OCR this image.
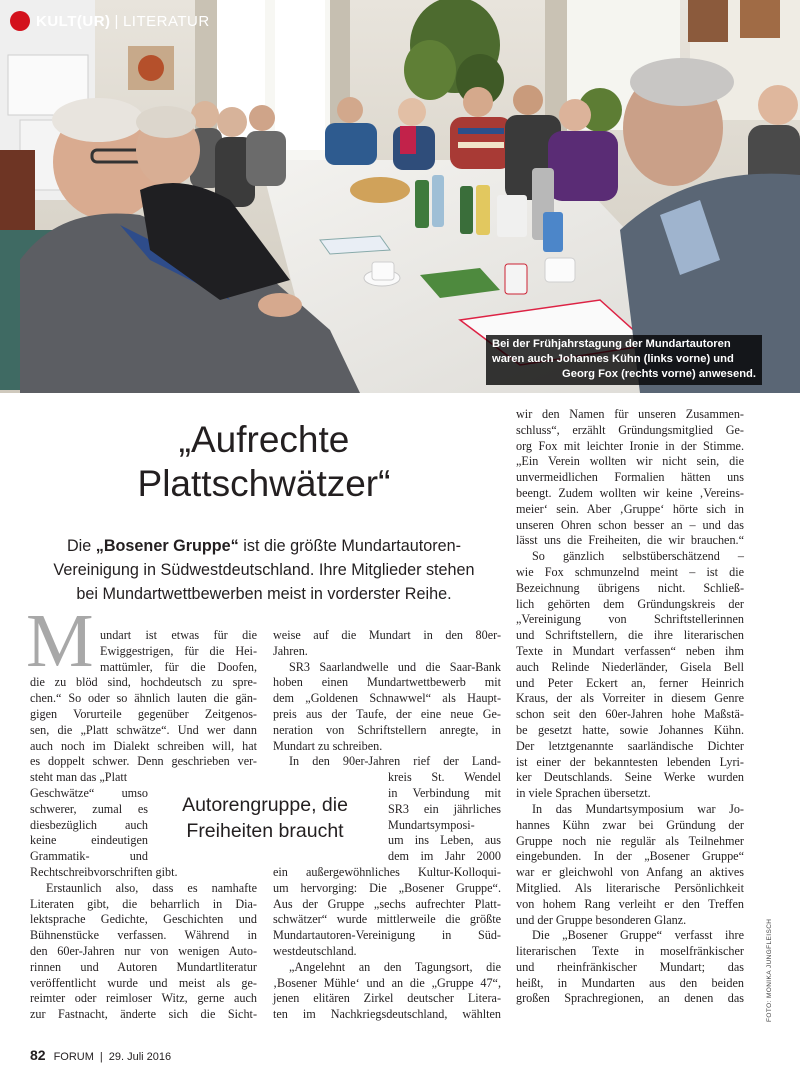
KULT(UR) | LITERATUR
Bei der Frühjahrstagung der Mundartautoren
waren auch Johannes Kühn (links vorne) und
Georg Fox (rechts vorne) anwesend.
„Aufrechte
Plattschwätzer“
Die „Bosener Gruppe“ ist die größte Mundartautoren-
Vereinigung in Südwestdeutschland. Ihre Mitglieder stehen
bei Mundartwettbewerben meist in vorderster Reihe.
M undart ist etwas für die
Ewiggestrigen, für die Hei-
mattümler, für die Doofen,
die zu blöd sind, hochdeutsch zu spre-
chen.“ So oder so ähnlich lauten die gän-
gigen Vorurteile gegenüber Zeitgenos-
sen, die „Platt schwätze“. Und wer dann
auch noch im Dialekt schreiben will, hat
es doppelt schwer. Denn geschrieben ver-
steht man das „Platt
Geschwätze“ umso
schwerer, zumal es
diesbezüglich auch
keine eindeutigen
Grammatik- und
Rechtschreibvorschriften gibt.
Erstaunlich also, dass es namhafte
Literaten gibt, die beharrlich in Dia-
lektsprache Gedichte, Geschichten und
Bühnenstücke verfassen. Während in
den 60er-Jahren nur von wenigen Auto-
rinnen und Autoren Mundartliteratur
veröffentlicht wurde und meist als ge-
reimter oder reimloser Witz, gerne auch
zur Fastnacht, änderte sich die Sicht-
Autorengruppe, die
Freiheiten braucht
weise auf die Mundart in den 80er-
Jahren.
SR3 Saarlandwelle und die Saar-Bank
hoben einen Mundartwettbewerb mit
dem „Goldenen Schnawwel“ als Haupt-
preis aus der Taufe, der eine neue Ge-
neration von Schriftstellern anregte, in
Mundart zu schreiben.
In den 90er-Jahren rief der Land-
kreis St. Wendel
in Verbindung mit
SR3 ein jährliches
Mundartsymposi-
um ins Leben, aus
dem im Jahr 2000
ein außergewöhnliches Kultur-Kolloqui-
um hervorging: Die „Bosener Gruppe“.
Aus der Gruppe „sechs aufrechter Platt-
schwätzer“ wurde mittlerweile die größte
Mundartautoren-Vereinigung in Süd-
westdeutschland.
„Angelehnt an den Tagungsort, die
‚Bosener Mühle‘ und an die „Gruppe 47“,
jenen elitären Zirkel deutscher Litera-
ten im Nachkriegsdeutschland, wählten
wir den Namen für unseren Zusammen-
schluss“, erzählt Gründungsmitglied Ge-
org Fox mit leichter Ironie in der Stimme.
„Ein Verein wollten wir nicht sein, die
unvermeidlichen Formalien hätten uns
beengt. Zudem wollten wir keine ‚Vereins-
meier‘ sein. Aber ‚Gruppe‘ hörte sich in
unseren Ohren schon besser an – und das
lässt uns die Freiheiten, die wir brauchen.“
So gänzlich selbstüberschätzend –
wie Fox schmunzelnd meint – ist die
Bezeichnung übrigens nicht. Schließ-
lich gehörten dem Gründungskreis der
„Vereinigung von Schriftstellerinnen
und Schriftstellern, die ihre literarischen
Texte in Mundart verfassen“ neben ihm
auch Relinde Niederländer, Gisela Bell
und Peter Eckert an, ferner Heinrich
Kraus, der als Vorreiter in diesem Genre
schon seit den 60er-Jahren hohe Maßstä-
be gesetzt hatte, sowie Johannes Kühn.
Der letztgenannte saarländische Dichter
ist einer der bekanntesten lebenden Lyri-
ker Deutschlands. Seine Werke wurden
in viele Sprachen übersetzt.
In das Mundartsymposium war Jo-
hannes Kühn zwar bei Gründung der
Gruppe noch nie regulär als Teilnehmer
eingebunden. In der „Bosener Gruppe“
war er gleichwohl von Anfang an aktives
Mitglied. Als literarische Persönlichkeit
von hohem Rang verleiht er den Treffen
und der Gruppe besonderen Glanz.
Die „Bosener Gruppe“ verfasst ihre
literarischen Texte in moselfränkischer
und rheinfränkischer Mundart; das
heißt, in Mundarten aus den beiden
großen Sprachregionen, an denen das	FOTO: MONIKA JUNGFLEISCH
82 FORUM | 29. Juli 2016
